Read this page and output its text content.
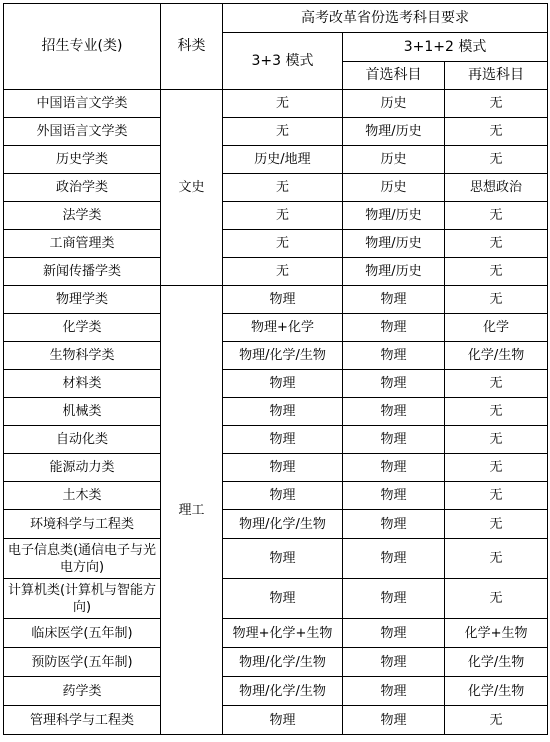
招生专业(类)	科类	高考改革省份选考科目要求		
		3+3 模式	3+1+2 模式	
			首选科目	再选科目
中国语言文学类	文史	无	历史	无
外国语言文学类		无	物理/历史	无
历史学类		历史/地理	历史	无
政治学类		无	历史	思想政治
法学类		无	物理/历史	无
工商管理类		无	物理/历史	无
新闻传播学类		无	物理/历史	无
物理学类	理工	物理	物理	无
化学类		物理+化学	物理	化学
生物科学类		物理/化学/生物	物理	化学/生物
材料类		物理	物理	无
机械类		物理	物理	无
自动化类		物理	物理	无
能源动力类		物理	物理	无
土木类		物理	物理	无
环境科学与工程类		物理/化学/生物	物理	无
电子信息类(通信电子与光电方向)		物理	物理	无
计算机类(计算机与智能方向)		物理	物理	无
临床医学(五年制)		物理+化学+生物	物理	化学+生物
预防医学(五年制)		物理/化学/生物	物理	化学/生物
药学类		物理/化学/生物	物理	化学/生物
管理科学与工程类		物理	物理	无
